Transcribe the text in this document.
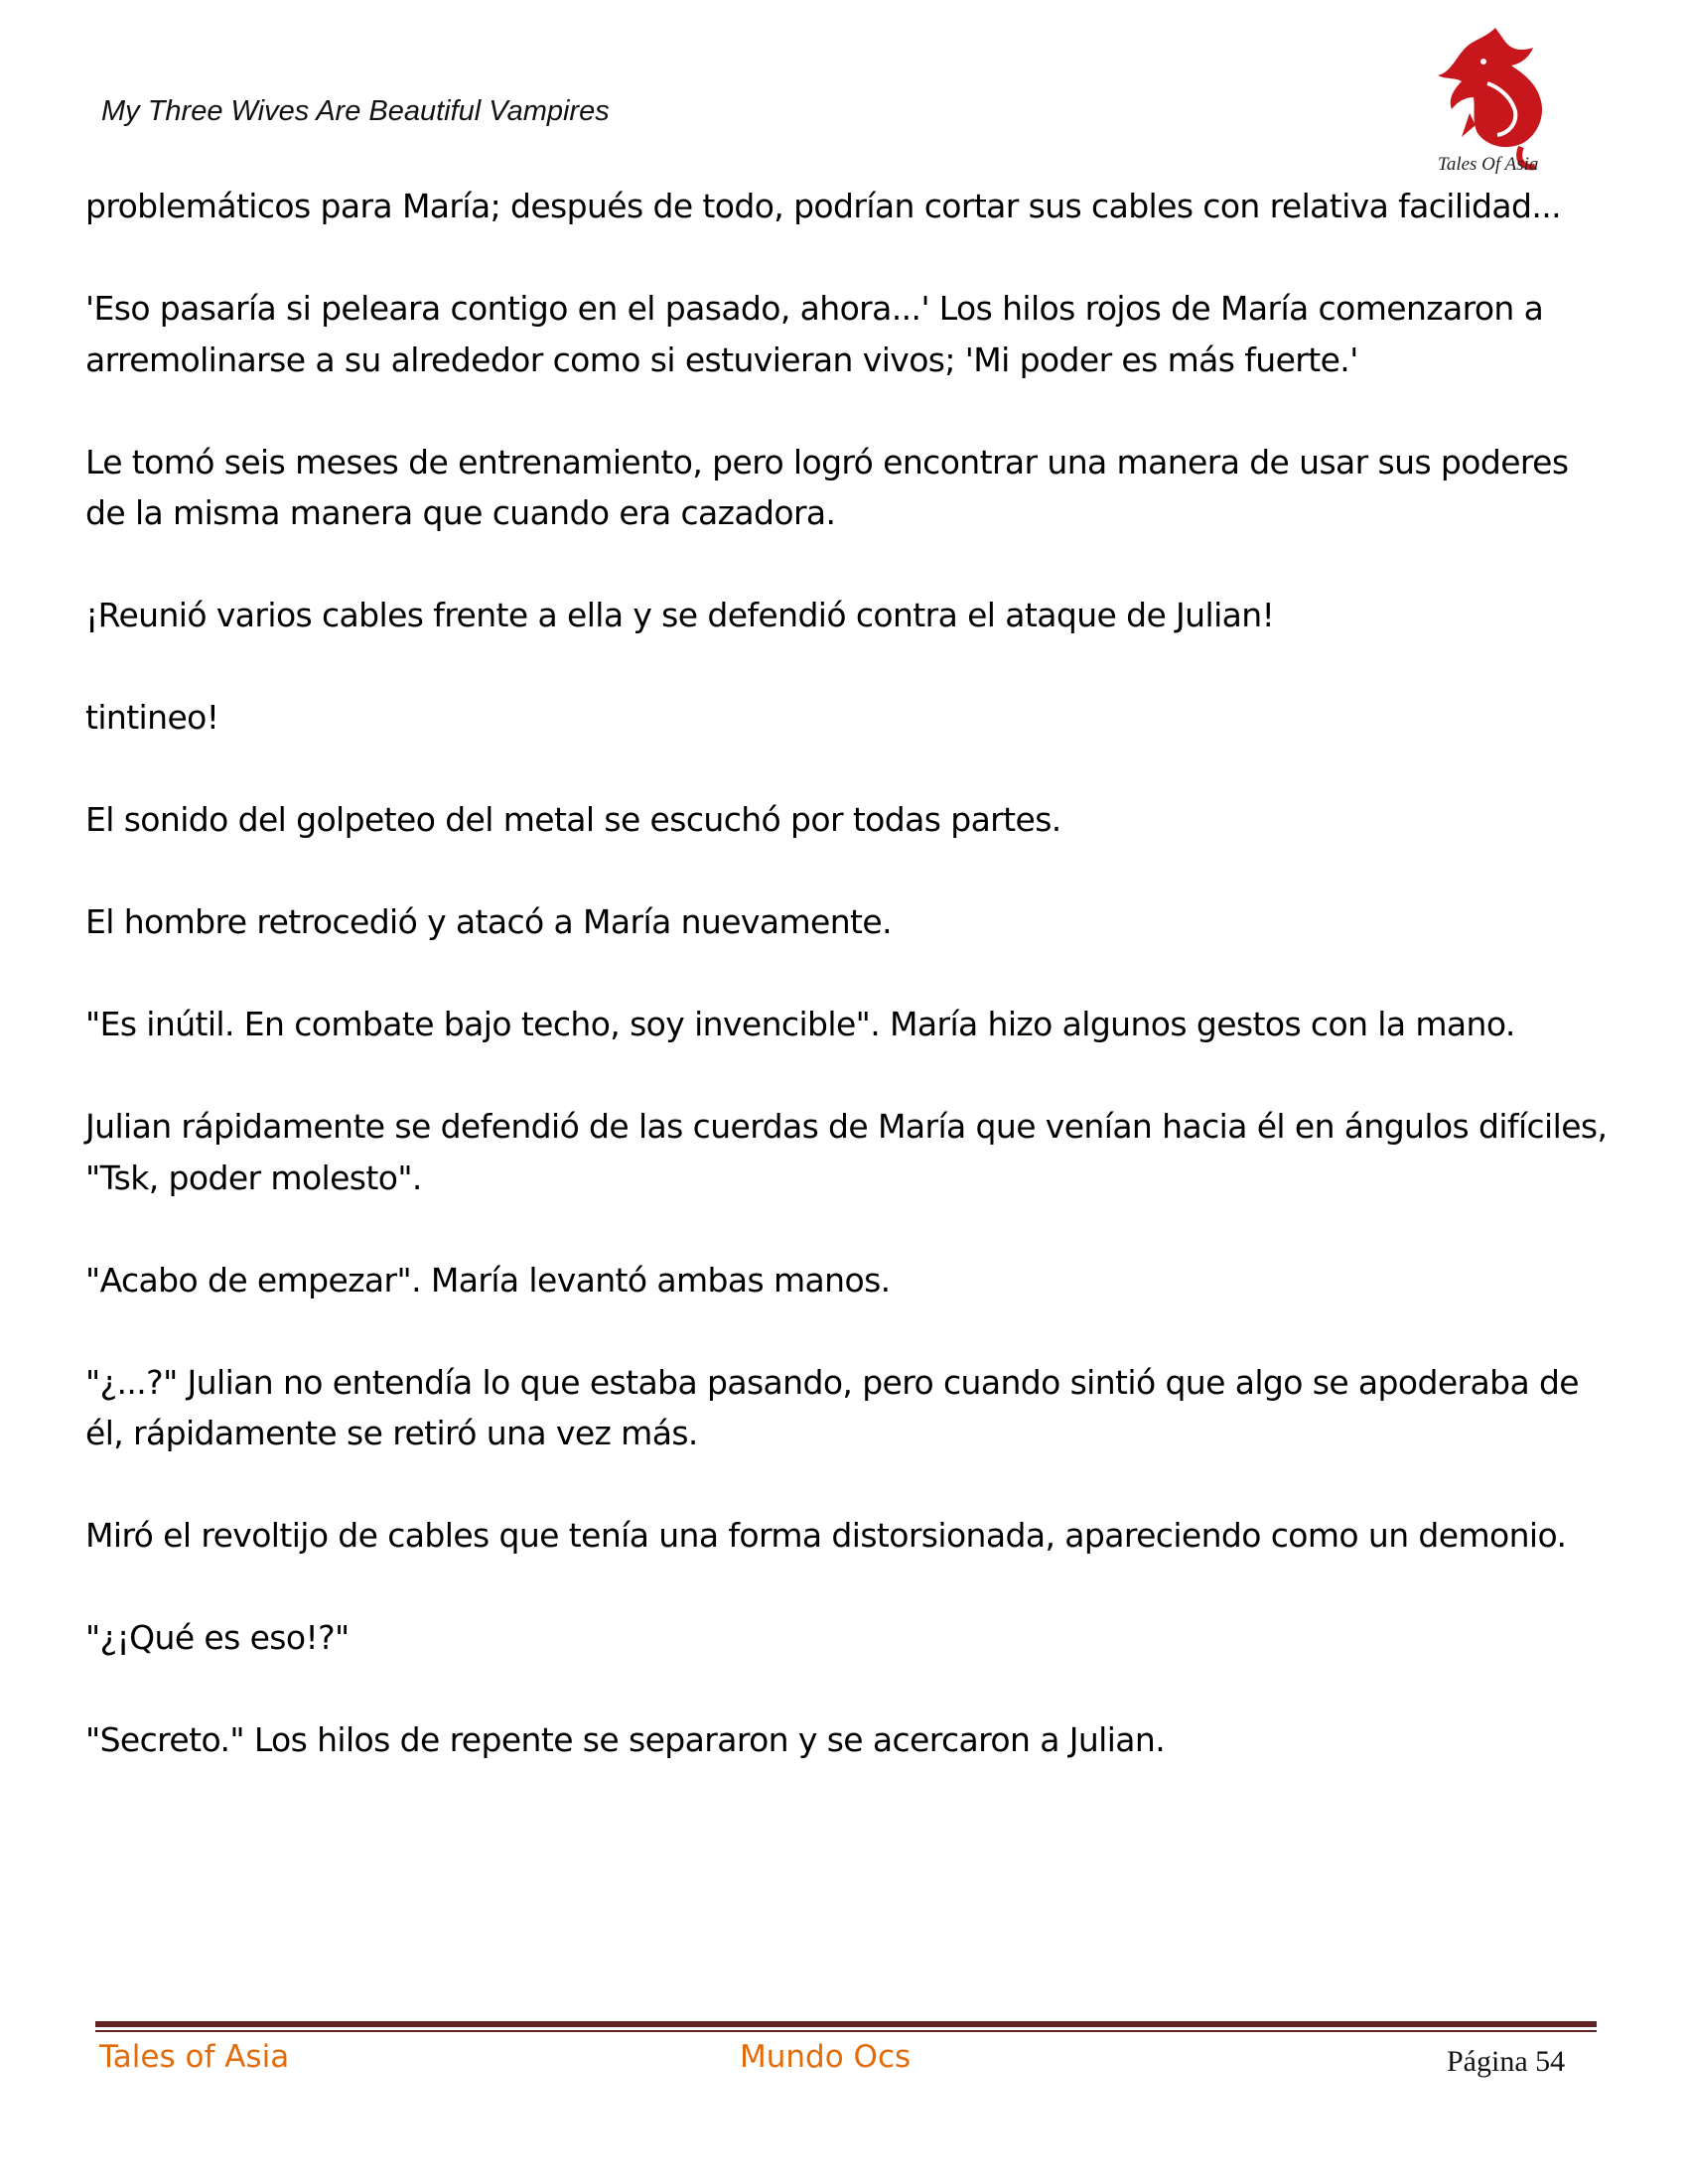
My Three Wives Are Beautiful Vampires
Tales Of Asia

problemáticos para María; después de todo, podrían cortar sus cables con relativa facilidad...

'Eso pasaría si peleara contigo en el pasado, ahora...' Los hilos rojos de María comenzaron a arremolinarse a su alrededor como si estuvieran vivos; 'Mi poder es más fuerte.'

Le tomó seis meses de entrenamiento, pero logró encontrar una manera de usar sus poderes de la misma manera que cuando era cazadora.

¡Reunió varios cables frente a ella y se defendió contra el ataque de Julian!

tintineo!

El sonido del golpeteo del metal se escuchó por todas partes.

El hombre retrocedió y atacó a María nuevamente.

"Es inútil. En combate bajo techo, soy invencible". María hizo algunos gestos con la mano.

Julian rápidamente se defendió de las cuerdas de María que venían hacia él en ángulos difíciles, "Tsk, poder molesto".

"Acabo de empezar". María levantó ambas manos.

"¿...?" Julian no entendía lo que estaba pasando, pero cuando sintió que algo se apoderaba de él, rápidamente se retiró una vez más.

Miró el revoltijo de cables que tenía una forma distorsionada, apareciendo como un demonio.

"¿¡Qué es eso!?"

"Secreto." Los hilos de repente se separaron y se acercaron a Julian.

Tales of Asia	Mundo Ocs	Página 54
